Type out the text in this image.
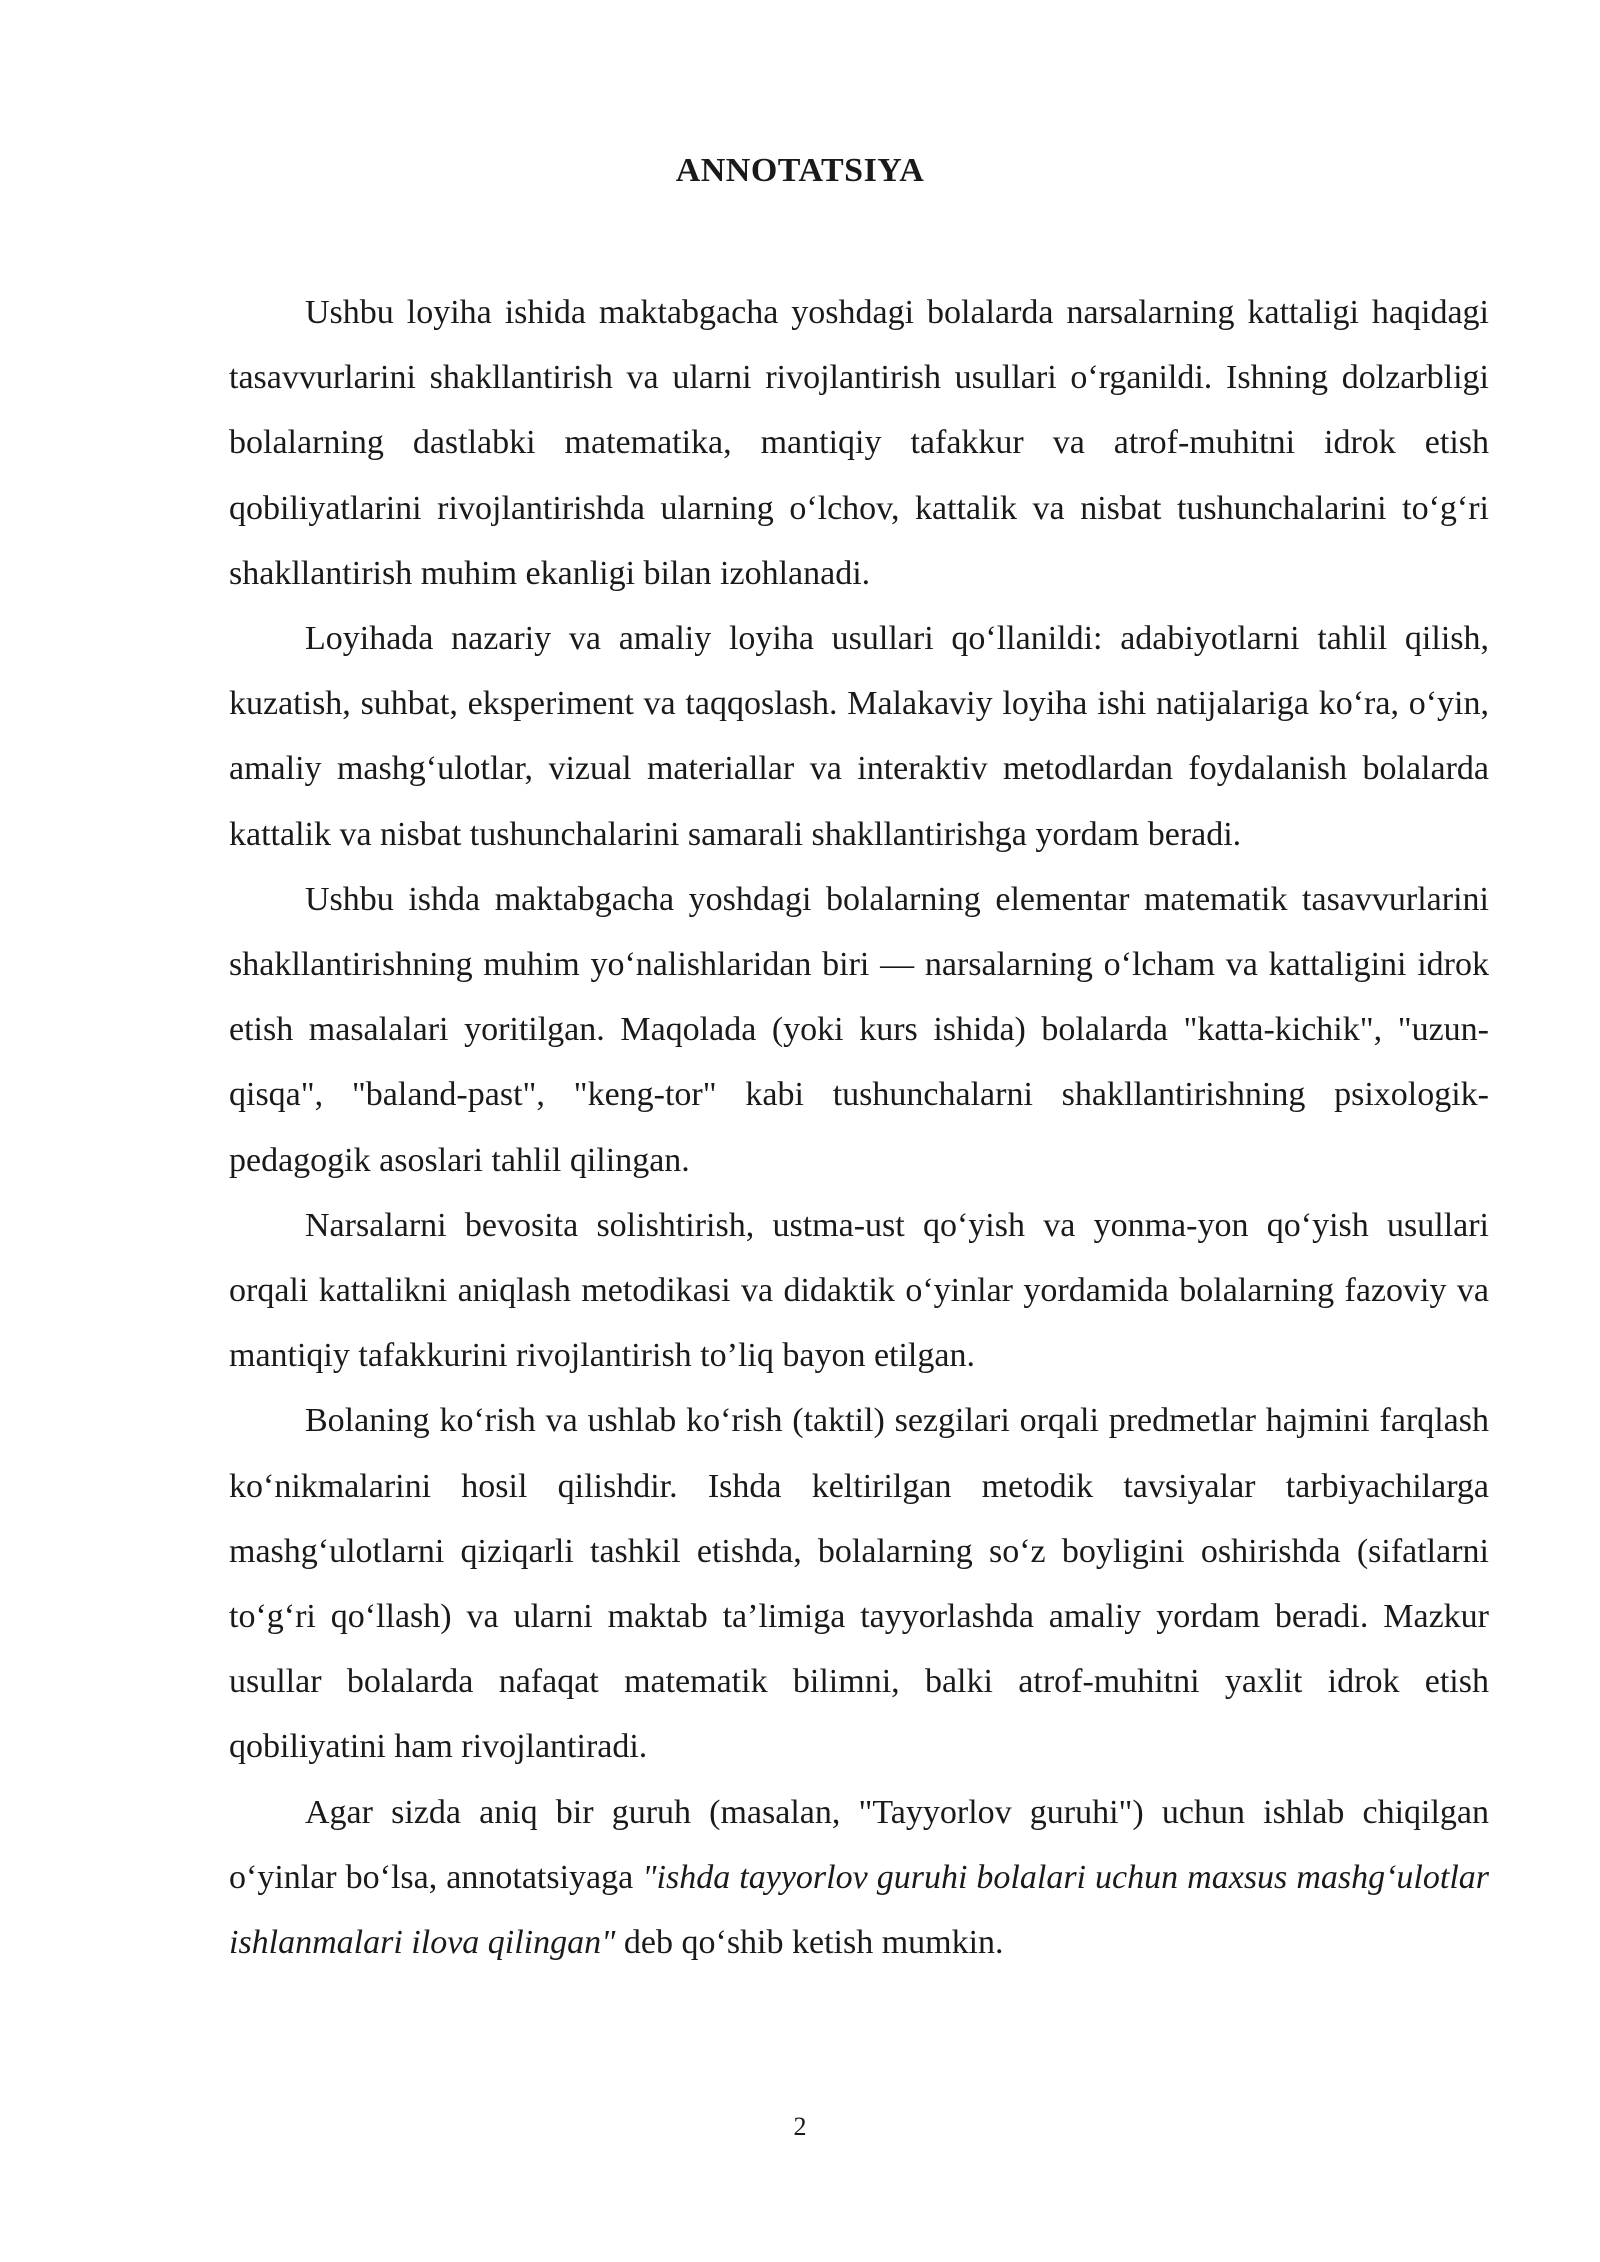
ANNOTATSIYA

Ushbu loyiha ishida maktabgacha yoshdagi bolalarda narsalarning kattaligi haqidagi tasavvurlarini shakllantirish va ularni rivojlantirish usullari o‘rganildi. Ishning dolzarbligi bolalarning dastlabki matematika, mantiqiy tafakkur va atrof-muhitni idrok etish qobiliyatlarini rivojlantirishda ularning o‘lchov, kattalik va nisbat tushunchalarini to‘g‘ri shakllantirish muhim ekanligi bilan izohlanadi.

Loyihada nazariy va amaliy loyiha usullari qo‘llanildi: adabiyotlarni tahlil qilish, kuzatish, suhbat, eksperiment va taqqoslash. Malakaviy loyiha ishi natijalariga ko‘ra, o‘yin, amaliy mashg‘ulotlar, vizual materiallar va interaktiv metodlardan foydalanish bolalarda kattalik va nisbat tushunchalarini samarali shakllantirishga yordam beradi.

Ushbu ishda maktabgacha yoshdagi bolalarning elementar matematik tasavvurlarini shakllantirishning muhim yo‘nalishlaridan biri — narsalarning o‘lcham va kattaligini idrok etish masalalari yoritilgan. Maqolada (yoki kurs ishida) bolalarda "katta-kichik", "uzun-qisqa", "baland-past", "keng-tor" kabi tushunchalarni shakllantirishning psixologik-pedagogik asoslari tahlil qilingan.

Narsalarni bevosita solishtirish, ustma-ust qo‘yish va yonma-yon qo‘yish usullari orqali kattalikni aniqlash metodikasi va didaktik o‘yinlar yordamida bolalarning fazoviy va mantiqiy tafakkurini rivojlantirish to’liq bayon etilgan.

Bolaning ko‘rish va ushlab ko‘rish (taktil) sezgilari orqali predmetlar hajmini farqlash ko‘nikmalarini hosil qilishdir. Ishda keltirilgan metodik tavsiyalar tarbiyachilarga mashg‘ulotlarni qiziqarli tashkil etishda, bolalarning so‘z boyligini oshirishda (sifatlarni to‘g‘ri qo‘llash) va ularni maktab ta’limiga tayyorlashda amaliy yordam beradi. Mazkur usullar bolalarda nafaqat matematik bilimni, balki atrof-muhitni yaxlit idrok etish qobiliyatini ham rivojlantiradi.

Agar sizda aniq bir guruh (masalan, "Tayyorlov guruhi") uchun ishlab chiqilgan o‘yinlar bo‘lsa, annotatsiyaga "ishda tayyorlov guruhi bolalari uchun maxsus mashg‘ulotlar ishlanmalari ilova qilingan" deb qo‘shib ketish mumkin.

2
